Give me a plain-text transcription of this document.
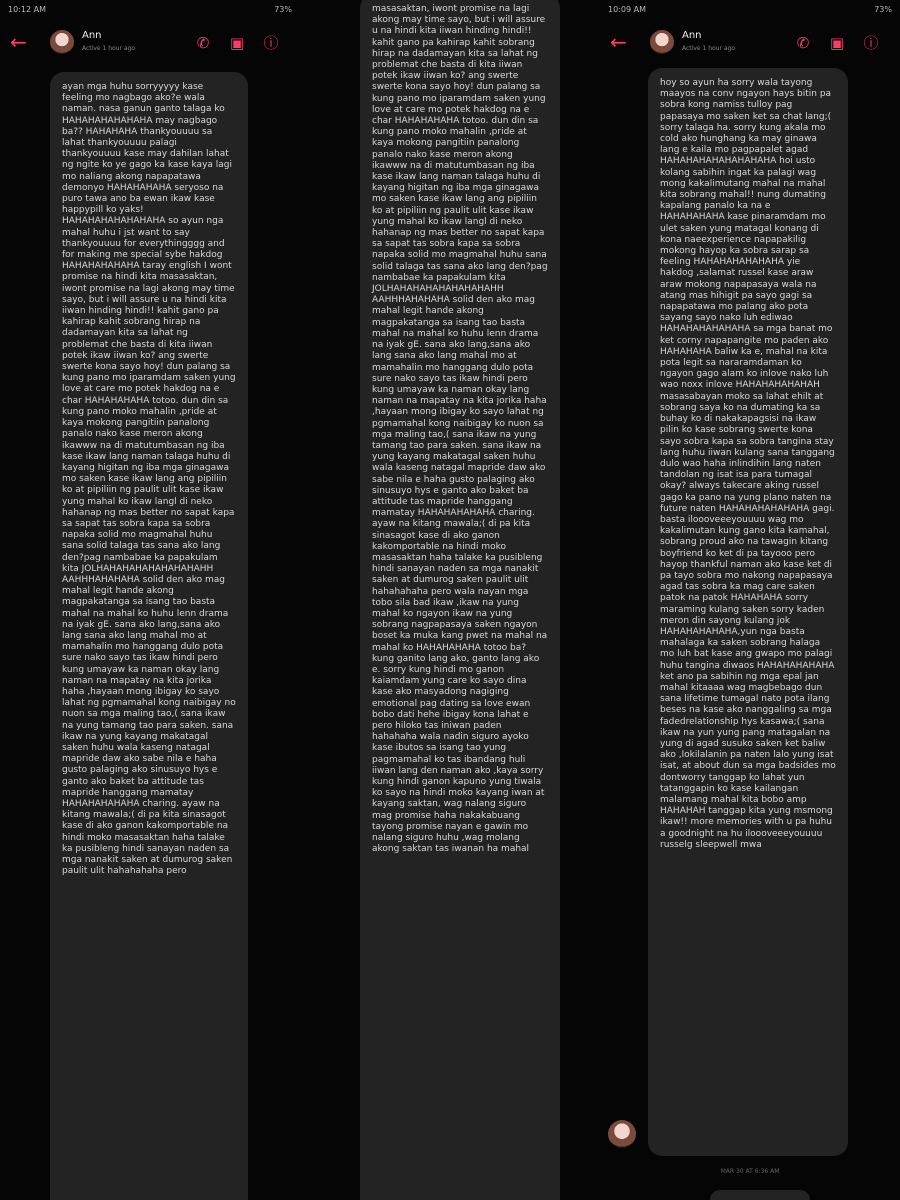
10:12 AM	73%
←	Ann
Active 1 hour ago	✆	▣ ⓘ
ayan mga huhu sorryyyyy kase feeling mo nagbago ako?e wala naman. nasa ganun ganto talaga ko HAHAHAHAHAHAHA may nagbago ba?? HAHAHAHA thankyouuuu sa lahat thankyouuuu palagi thankyouuuu kase may dahilan lahat ng ngite ko ye gago ka kase kaya lagi mo naliang akong napapatawa demonyo HAHAHAHAHA seryoso na puro tawa ano ba ewan ikaw kase happypill ko yaks! HAHAHAHAHAHAHAHA so ayun nga mahal huhu i jst want to say thankyouuuu for everythingggg and for making me special sybe hakdog HAHAHAHAHAHA taray english I wont promise na hindi kita masasaktan, iwont promise na lagi akong may time sayo, but i will assure u na hindi kita iiwan hinding hindi!! kahit gano pa kahirap kahit sobrang hirap na dadamayan kita sa lahat ng problemat che basta di kita iiwan potek ikaw iiwan ko? ang swerte swerte kona sayo hoy! dun palang sa kung pano mo iparamdam saken yung love at care mo potek hakdog na e char HAHAHAHAHA totoo. dun din sa kung pano moko mahalin ,pride at kaya mokong pangitiin panalong panalo nako kase meron akong ikawww na di matutumbasan ng iba kase ikaw lang naman talaga huhu di kayang higitan ng iba mga ginagawa mo saken kase ikaw lang ang pipiliin ko at pipiliin ng paulit ulit kase ikaw yung mahal ko ikaw langl di neko hahanap ng mas better no sapat kapa sa sapat tas sobra kapa sa sobra napaka solid mo magmahal huhu sana solid talaga tas sana ako lang den?pag nambabae ka papakulam kita JOLHAHAHAHAHAHAHAHAHH AAHHHAHAHAHA solid den ako mag mahal legit hande akong magpakatanga sa isang tao basta mahal na mahal ko huhu lenn drama na iyak gE. sana ako lang,sana ako lang sana ako lang mahal mo at mamahalin mo hanggang dulo pota sure nako sayo tas ikaw hindi pero kung umayaw ka naman okay lang naman na mapatay na kita jorika haha ,hayaan mong ibigay ko sayo lahat ng pgmamahal kong naibigay no nuon sa mga maling tao,( sana ikaw na yung tamang tao para saken. sana ikaw na yung kayang makatagal saken huhu wala kaseng natagal mapride daw ako sabe nila e haha gusto palaging ako sinusuyo hys e ganto ako baket ba attitude tas mapride hanggang mamatay HAHAHAHAHAHA charing. ayaw na kitang mawala;( di pa kita sinasagot kase di ako ganon kakomportable na hindi moko masasaktan haha talake ka pusibleng hindi sanayan naden sa mga nanakit saken at dumurog saken paulit ulit hahahahaha pero
masasaktan, iwont promise na lagi akong may time sayo, but i will assure u na hindi kita iiwan hinding hindi!! kahit gano pa kahirap kahit sobrang hirap na dadamayan kita sa lahat ng problemat che basta di kita iiwan potek ikaw iiwan ko? ang swerte swerte kona sayo hoy! dun palang sa kung pano mo iparamdam saken yung love at care mo potek hakdog na e char HAHAHAHAHA totoo. dun din sa kung pano moko mahalin ,pride at kaya mokong pangitiin panalong panalo nako kase meron akong ikawww na di matutumbasan ng iba kase ikaw lang naman talaga huhu di kayang higitan ng iba mga ginagawa mo saken kase ikaw lang ang pipiliin ko at pipiliin ng paulit ulit kase ikaw yung mahal ko ikaw langl di neko hahanap ng mas better no sapat kapa sa sapat tas sobra kapa sa sobra napaka solid mo magmahal huhu sana solid talaga tas sana ako lang den?pag nambabae ka papakulam kita JOLHAHAHAHAHAHAHAHAHH AAHHHAHAHAHA solid den ako mag mahal legit hande akong magpakatanga sa isang tao basta mahal na mahal ko huhu lenn drama na iyak gE. sana ako lang,sana ako lang sana ako lang mahal mo at mamahalin mo hanggang dulo pota sure nako sayo tas ikaw hindi pero kung umayaw ka naman okay lang naman na mapatay na kita jorika haha ,hayaan mong ibigay ko sayo lahat ng pgmamahal kong naibigay ko nuon sa mga maling tao,( sana ikaw na yung tamang tao para saken. sana ikaw na yung kayang makatagal saken huhu wala kaseng natagal mapride daw ako sabe nila e haha gusto palaging ako sinusuyo hys e ganto ako baket ba attitude tas mapride hanggang mamatay HAHAHAHAHAHA charing. ayaw na kitang mawala;( di pa kita sinasagot kase di ako ganon kakomportable na hindi moko masasaktan haha talake ka pusibleng hindi sanayan naden sa mga nanakit saken at dumurog saken paulit ulit hahahahaha pero wala nayan mga tobo sila bad ikaw ,ikaw na yung mahal ko ngayon ikaw na yung sobrang nagpapasaya saken ngayon boset ka muka kang pwet na mahal na mahal ko HAHAHAHAHA totoo ba? kung ganito lang ako, ganto lang ako e. sorry kung hindi mo ganon kaiamdam yung care ko sayo dina kase ako masyadong nagiging emotional pag dating sa love ewan bobo dati hehe ibigay kona lahat e pero hiloko tas iniwan paden hahahaha wala nadin siguro ayoko kase ibutos sa isang tao yung pagmamahal ko tas ibandang huli iiwan lang den naman ako ,kaya sorry kung hindi ganon kapuno yung tiwala ko sayo na hindi moko kayang iwan at kayang saktan, wag nalang siguro mag promise haha nakakabuang tayong promise nayan e gawin mo nalang siguro huhu ,wag molang akong saktan tas iwanan ha mahal
10:09 AM	73%
←	Ann
Active 1 hour ago	✆	▣ ⓘ
hoy so ayun ha sorry wala tayong maayos na conv ngayon hays bitin pa sobra kong namiss tulloy pag papasaya mo saken ket sa chat lang;( sorry talaga ha. sorry kung akala mo cold ako hunghang ka may ginawa lang e kaila mo pagpapalet agad HAHAHAHAHAHAHAHAHA hoi usto kolang sabihin ingat ka palagi wag mong kakalimutang mahal na mahal kita sobrang mahal!! nung dumating kapalang panalo ka na e HAHAHAHAHA kase pinaramdam mo ulet saken yung matagal konang di kona naeexperience napapakilig mokong hayop ka sobra sarap sa feeling HAHAHAHAHAHAHA yie hakdog ,salamat russel kase araw araw mokong napapasaya wala na atang mas hihigit pa sayo gagi sa napapatawa mo palang ako pota sayang sayo nako luh ediwao HAHAHAHAHAHAHA sa mga banat mo ket corny napapangite mo paden ako HAHAHAHA baliw ka e, mahal na kita pota legit sa nararamdaman ko ngayon gago alam ko inlove nako luh wao noxx inlove HAHAHAHAHAHAH masasabayan moko sa lahat ehilt at sobrang saya ko na dumating ka sa buhay ko di nakakapagsisi na ikaw pilin ko kase sobrang swerte kona sayo sobra kapa sa sobra tangina stay lang huhu iiwan kulang sana tanggang dulo wao haha inlindihin lang naten tandolan ng isat isa para tumagal okay? always takecare aking russel gago ka pano na yung plano naten na future naten HAHAHAHAHAHAHA gagi. basta iloooveeeyouuuu wag mo kakalimutan kung gano kita kamahal, sobrang proud ako na tawagin kitang boyfriend ko ket di pa tayooo pero hayop thankful naman ako kase ket di pa tayo sobra mo nakong napapasaya agad tas sobra ka mag care saken patok na patok HAHAHAHA sorry maraming kulang saken sorry kaden meron din sayong kulang jok HAHAHAHAHAHA,yun nga basta mahalaga ka saken sobrang halaga mo luh bat kase ang gwapo mo palagi huhu tangina diwaos HAHAHAHAHAHA ket ano pa sabihin ng mga epal jan mahal kitaaaa wag magbebago dun sana lifetime tumagal nato pota ilang beses na kase ako nanggaling sa mga fadedrelationship hys kasawa;( sana ikaw na yun yung pang matagalan na yung di agad susuko saken ket baliw ako ,lokilalanin pa naten lalo yung isat isat, at about dun sa mga badsides mo dontworry tanggap ko lahat yun tatanggapin ko kase kailangan malamang mahal kita bobo amp HAHAHAH tanggap kita yung msmong ikaw!! more memories with u pa huhu a goodnight na hu iloooveeeyouuuu russelg sleepwell mwa
MAR 30 AT 6:36 AM
